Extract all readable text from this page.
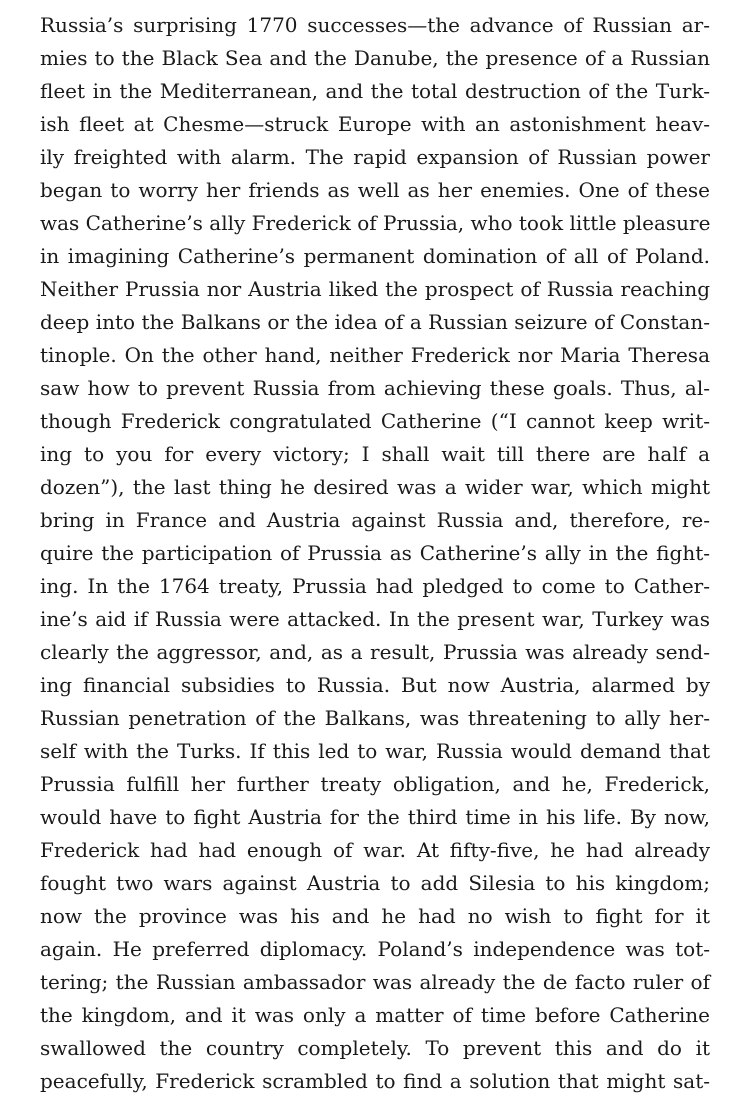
Russia’s surprising 1770 successes—the advance of Russian ar-
mies to the Black Sea and the Danube, the presence of a Russian
fleet in the Mediterranean, and the total destruction of the Turk-
ish fleet at Chesme—struck Europe with an astonishment heav-
ily freighted with alarm. The rapid expansion of Russian power
began to worry her friends as well as her enemies. One of these
was Catherine’s ally Frederick of Prussia, who took little pleasure
in imagining Catherine’s permanent domination of all of Poland.
Neither Prussia nor Austria liked the prospect of Russia reaching
deep into the Balkans or the idea of a Russian seizure of Constan-
tinople. On the other hand, neither Frederick nor Maria Theresa
saw how to prevent Russia from achieving these goals. Thus, al-
though Frederick congratulated Catherine (“I cannot keep writ-
ing to you for every victory; I shall wait till there are half a
dozen”), the last thing he desired was a wider war, which might
bring in France and Austria against Russia and, therefore, re-
quire the participation of Prussia as Catherine’s ally in the fight-
ing. In the 1764 treaty, Prussia had pledged to come to Cather-
ine’s aid if Russia were attacked. In the present war, Turkey was
clearly the aggressor, and, as a result, Prussia was already send-
ing financial subsidies to Russia. But now Austria, alarmed by
Russian penetration of the Balkans, was threatening to ally her-
self with the Turks. If this led to war, Russia would demand that
Prussia fulfill her further treaty obligation, and he, Frederick,
would have to fight Austria for the third time in his life. By now,
Frederick had had enough of war. At fifty-five, he had already
fought two wars against Austria to add Silesia to his kingdom;
now the province was his and he had no wish to fight for it
again. He preferred diplomacy. Poland’s independence was tot-
tering; the Russian ambassador was already the de facto ruler of
the kingdom, and it was only a matter of time before Catherine
swallowed the country completely. To prevent this and do it
peacefully, Frederick scrambled to find a solution that might sat-
